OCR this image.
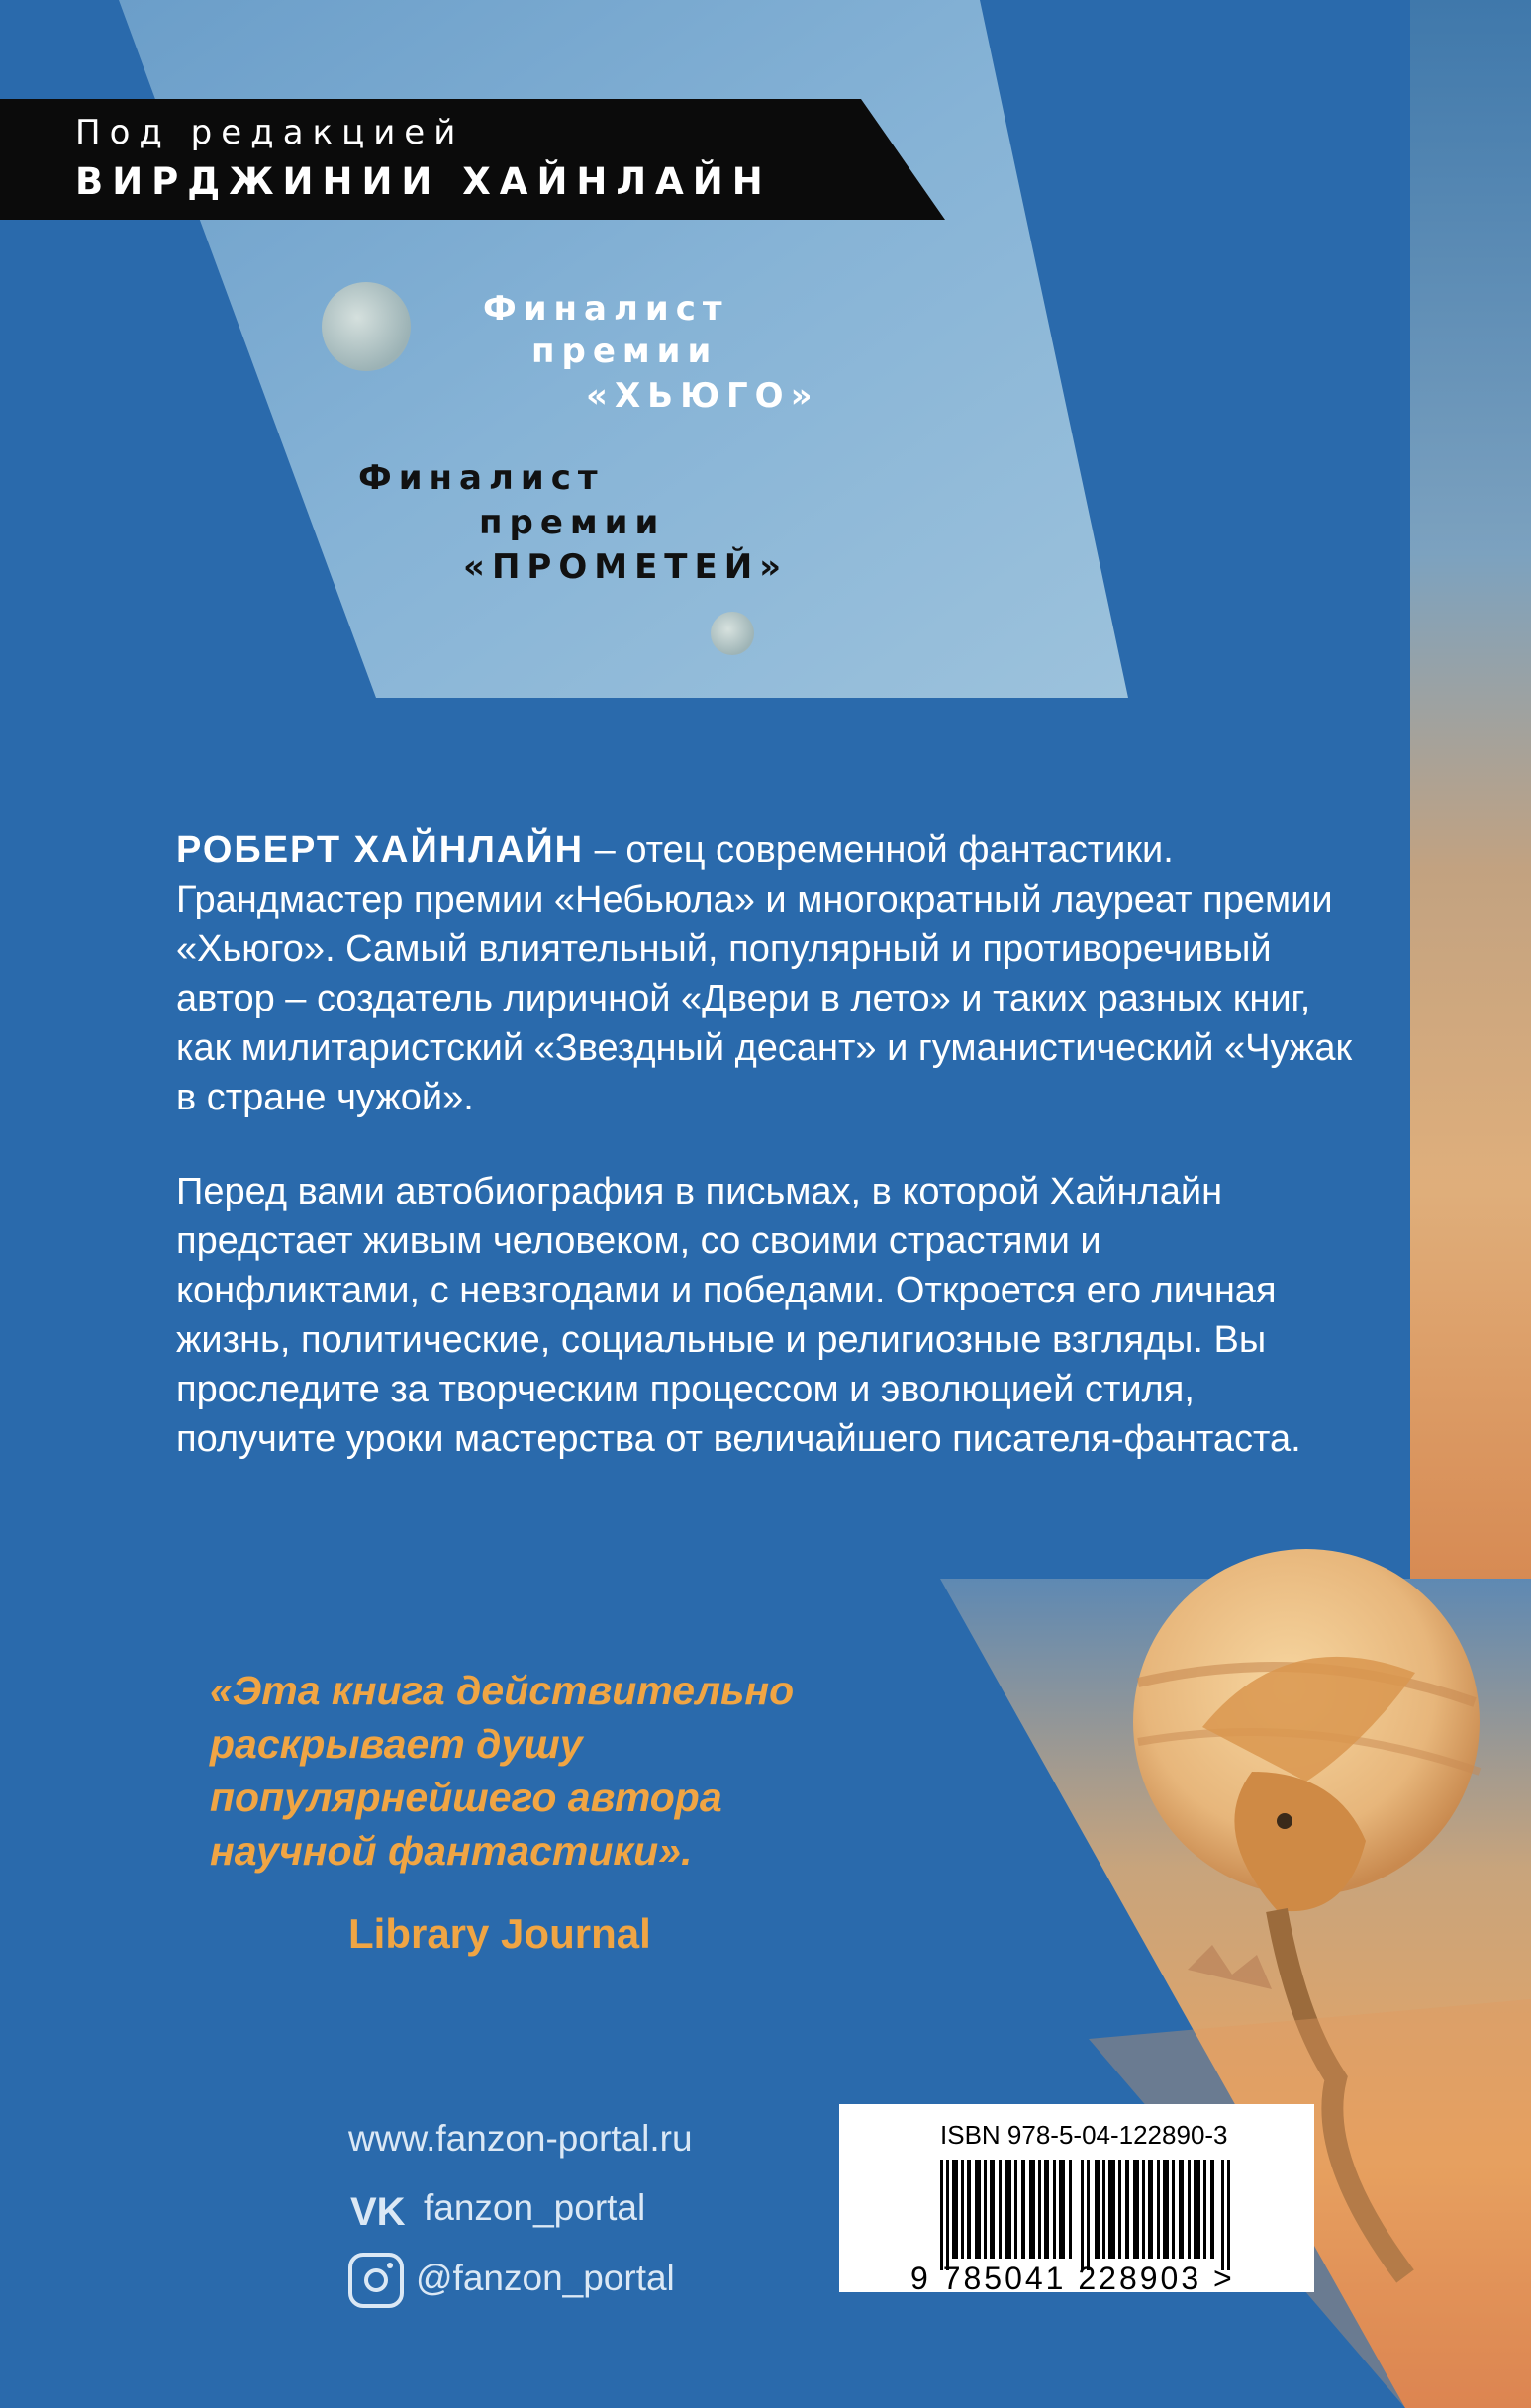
Под редакцией
ВИРДЖИНИИ ХАЙНЛАЙН
Финалист
премии
«ХЬЮГО»
Финалист
премии
«ПРОМЕТЕЙ»

РОБЕРТ ХАЙНЛАЙН – отец современной фантастики. Грандмастер премии «Небьюла» и многократный лауреат премии «Хьюго». Самый влиятельный, популярный и противоречивый автор – создатель лиричной «Двери в лето» и таких разных книг, как милитаристский «Звездный десант» и гуманистический «Чужак в стране чужой».

Перед вами автобиография в письмах, в которой Хайнлайн предстает живым человеком, со своими страстями и конфликтами, с невзгодами и победами. Откроется его личная жизнь, политические, социальные и религиозные взгляды. Вы проследите за творческим процессом и эволюцией стиля, получите уроки мастерства от величайшего писателя-фантаста.

«Эта книга действительно раскрывает душу популярнейшего автора научной фантастики».
Library Journal
www.fanzon-portal.ru
VK fanzon_portal
@fanzon_portal
ISBN 978-5-04-122890-3
9 785041 228903 >
